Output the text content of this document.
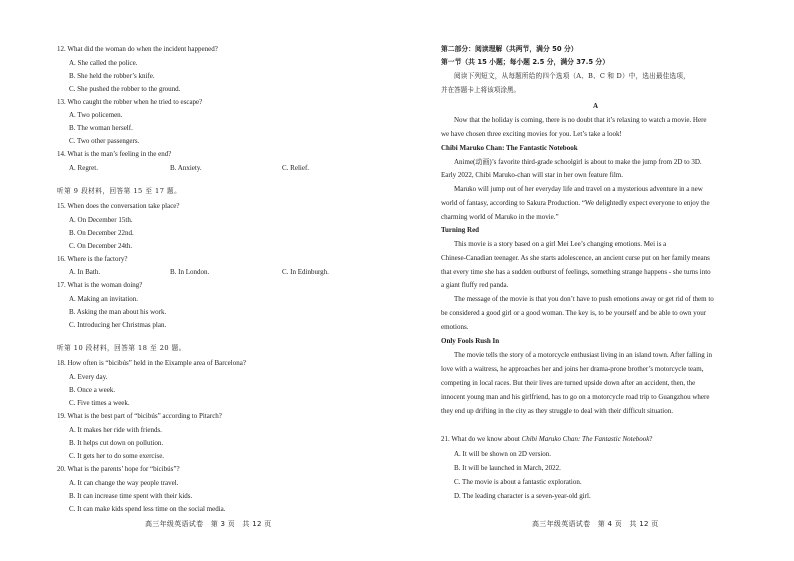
12. What did the woman do when the incident happened?
A. She called the police.
B. She held the robber’s knife.
C. She pushed the robber to the ground.
13. Who caught the robber when he tried to escape?
A. Two policemen.
B. The woman herself.
C. Two other passengers.
14. What is the man’s feeling in the end?
A. Regret.	B. Anxiety.	C. Relief.
听第 9 段材料，回答第 15 至 17 题。
15. When does the conversation take place?
A. On December 15th.
B. On December 22nd.
C. On December 24th.
16. Where is the factory?
A. In Bath.	B. In London.	C. In Edinburgh.
17. What is the woman doing?
A. Making an invitation.
B. Asking the man about his work.
C. Introducing her Christmas plan.
听第 10 段材料，回答第 18 至 20 题。
18. How often is “bicibús” held in the Eixample area of Barcelona?
A. Every day.
B. Once a week.
C. Five times a week.
19. What is the best part of “bicibús” according to Pitarch?
A. It makes her ride with friends.
B. It helps cut down on pollution.
C. It gets her to do some exercise.
20. What is the parents’ hope for “bicibús”?
A. It can change the way people travel.
B. It can increase time spent with their kids.
C. It can make kids spend less time on the social media.
高三年级英语试卷　第 3 页　共 12 页
第二部分：阅读理解（共两节，满分 50 分）
第一节（共 15 小题；每小题 2.5 分，满分 37.5 分）
阅读下列短文，从每题所给的四个选项（A、B、C 和 D）中，选出最佳选项，
并在答题卡上将该项涂黑。
A
Now that the holiday is coming, there is no doubt that it’s relaxing to watch a movie. Here
we have chosen three exciting movies for you. Let’s take a look!
Chibi Maruko Chan: The Fantastic Notebook
Anime(动画)’s favorite third-grade schoolgirl is about to make the jump from 2D to 3D.
Early 2022, Chibi Maruko-chan will star in her own feature film.
Maruko will jump out of her everyday life and travel on a mysterious adventure in a new
world of fantasy, according to Sakura Production. “We delightedly expect everyone to enjoy the
charming world of Maruko in the movie.”
Turning Red
This movie is a story based on a girl Mei Lee’s changing emotions. Mei is a
Chinese-Canadian teenager. As she starts adolescence, an ancient curse put on her family means
that every time she has a sudden outburst of feelings, something strange happens - she turns into
a giant fluffy red panda.
The message of the movie is that you don’t have to push emotions away or get rid of them to
be considered a good girl or a good woman. The key is, to be yourself and be able to own your
emotions.
Only Fools Rush In
The movie tells the story of a motorcycle enthusiast living in an island town. After falling in
love with a waitress, he approaches her and joins her drama-prone brother’s motorcycle team,
competing in local races. But their lives are turned upside down after an accident, then, the
innocent young man and his girlfriend, has to go on a motorcycle road trip to Guangzhou where
they end up drifting in the city as they struggle to deal with their difficult situation.
21. What do we know about Chibi Maruko Chan: The Fantastic Notebook?
A. It will be shown on 2D version.
B. It will be launched in March, 2022.
C. The movie is about a fantastic exploration.
D. The leading character is a seven-year-old girl.
高三年级英语试卷　第 4 页　共 12 页
